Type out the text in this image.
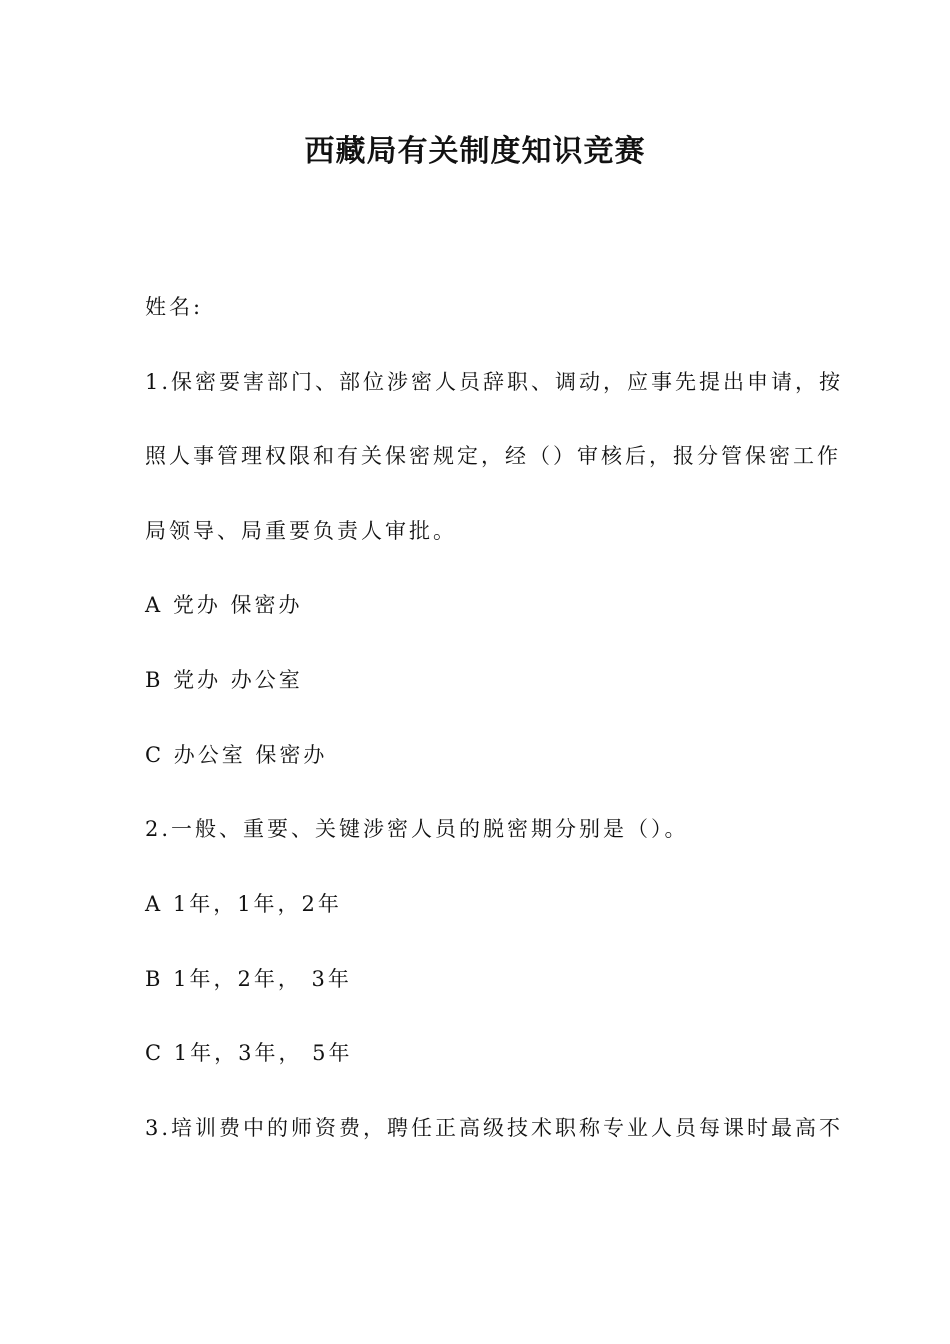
西藏局有关制度知识竞赛
姓名:
1.保密要害部门、部位涉密人员辞职、调动，应事先提出申请，按
照人事管理权限和有关保密规定，经（）审核后，报分管保密工作
局领导、局重要负责人审批。
A 党办 保密办
B 党办 办公室
C 办公室 保密办
2.一般、重要、关键涉密人员的脱密期分别是（）。
A 1年，1年，2年
B 1年，2年， 3年
C 1年，3年， 5年
3.培训费中的师资费，聘任正高级技术职称专业人员每课时最高不
